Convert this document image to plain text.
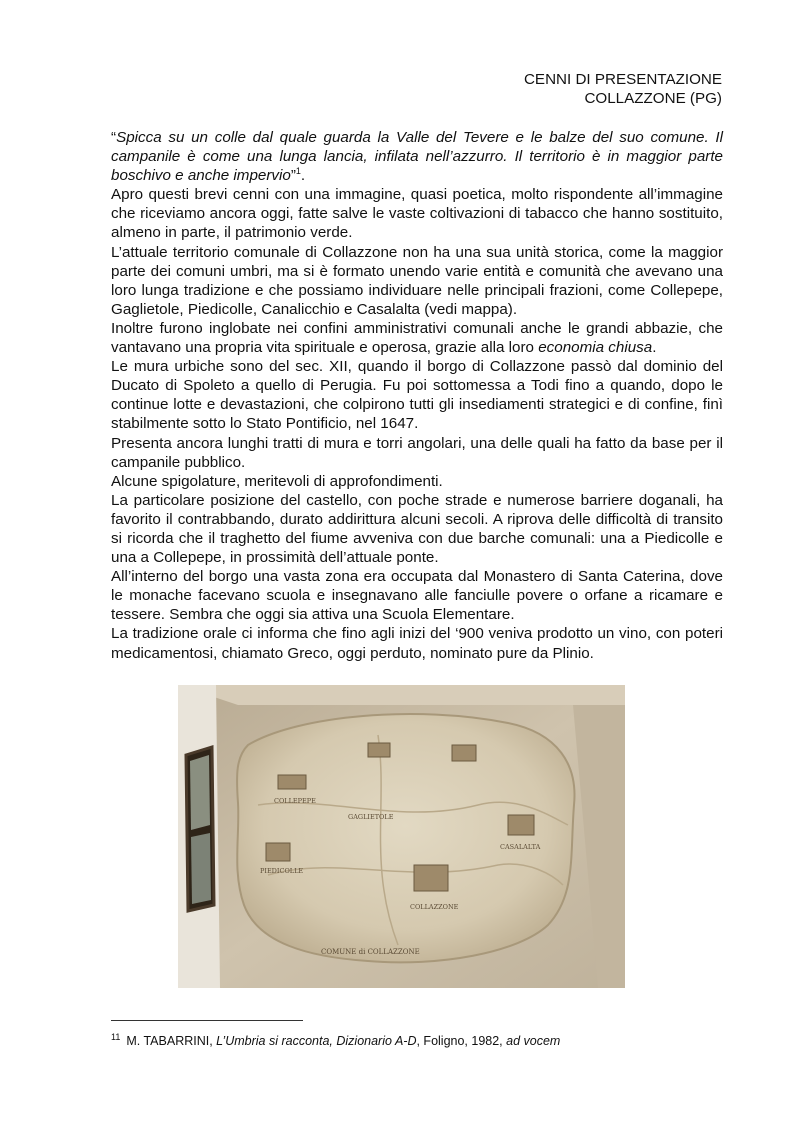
CENNI DI PRESENTAZIONE
COLLAZZONE (PG)

“Spicca su un colle dal quale guarda la Valle del Tevere e le balze del suo comune. Il campanile è come una lunga lancia, infilata nell’azzurro. Il territorio è in maggior parte boschivo e anche impervio”$^1$.

Apro questi brevi cenni con una immagine, quasi poetica, molto rispondente all’immagine che riceviamo ancora oggi, fatte salve le vaste coltivazioni di tabacco che hanno sostituito, almeno in parte, il patrimonio verde.

L’attuale territorio comunale di Collazzone non ha una sua unità storica, come la maggior parte dei comuni umbri, ma si è formato unendo varie entità e comunità che avevano una loro lunga tradizione e che possiamo individuare nelle principali frazioni, come Collepepe, Gaglietole, Piedicolle, Canalicchio e Casalalta (vedi mappa).

Inoltre furono inglobate nei confini amministrativi comunali anche le grandi abbazie, che vantavano una propria vita spirituale e operosa, grazie alla loro economia chiusa.

Le mura urbiche sono del sec. XII, quando il borgo di Collazzone passò dal dominio del Ducato di Spoleto a quello di Perugia. Fu poi sottomessa a Todi fino a quando, dopo le continue lotte e devastazioni, che colpirono tutti gli insediamenti strategici e di confine, finì stabilmente sotto lo Stato Pontificio, nel 1647.

Presenta ancora lunghi tratti di mura e torri angolari, una delle quali ha fatto da base per il campanile pubblico.

Alcune spigolature, meritevoli di approfondimenti.

La particolare posizione del castello, con poche strade e numerose barriere doganali, ha favorito il contrabbando, durato addirittura alcuni secoli. A riprova delle difficoltà di transito si ricorda che il traghetto del fiume avveniva con due barche comunali: una a Piedicolle e una a Collepepe, in prossimità dell’attuale ponte.

All’interno del borgo una vasta zona era occupata dal Monastero di Santa Caterina, dove le monache facevano scuola e insegnavano alle fanciulle povere o orfane a ricamare e tessere. Sembra che oggi sia attiva una Scuola Elementare.

La tradizione orale ci informa che fino agli inizi del ‘900 veniva prodotto un vino, con poteri medicamentosi, chiamato Greco, oggi perduto, nominato pure da Plinio.

COLLEPEPE
GAGLIETOLE
PIEDICOLLE
CASALALTA
COLLAZZONE
COMUNE di COLLAZZONE
$^{11}$ M. TABARRINI, L’Umbria si racconta, Dizionario A-D, Foligno, 1982, ad vocem
